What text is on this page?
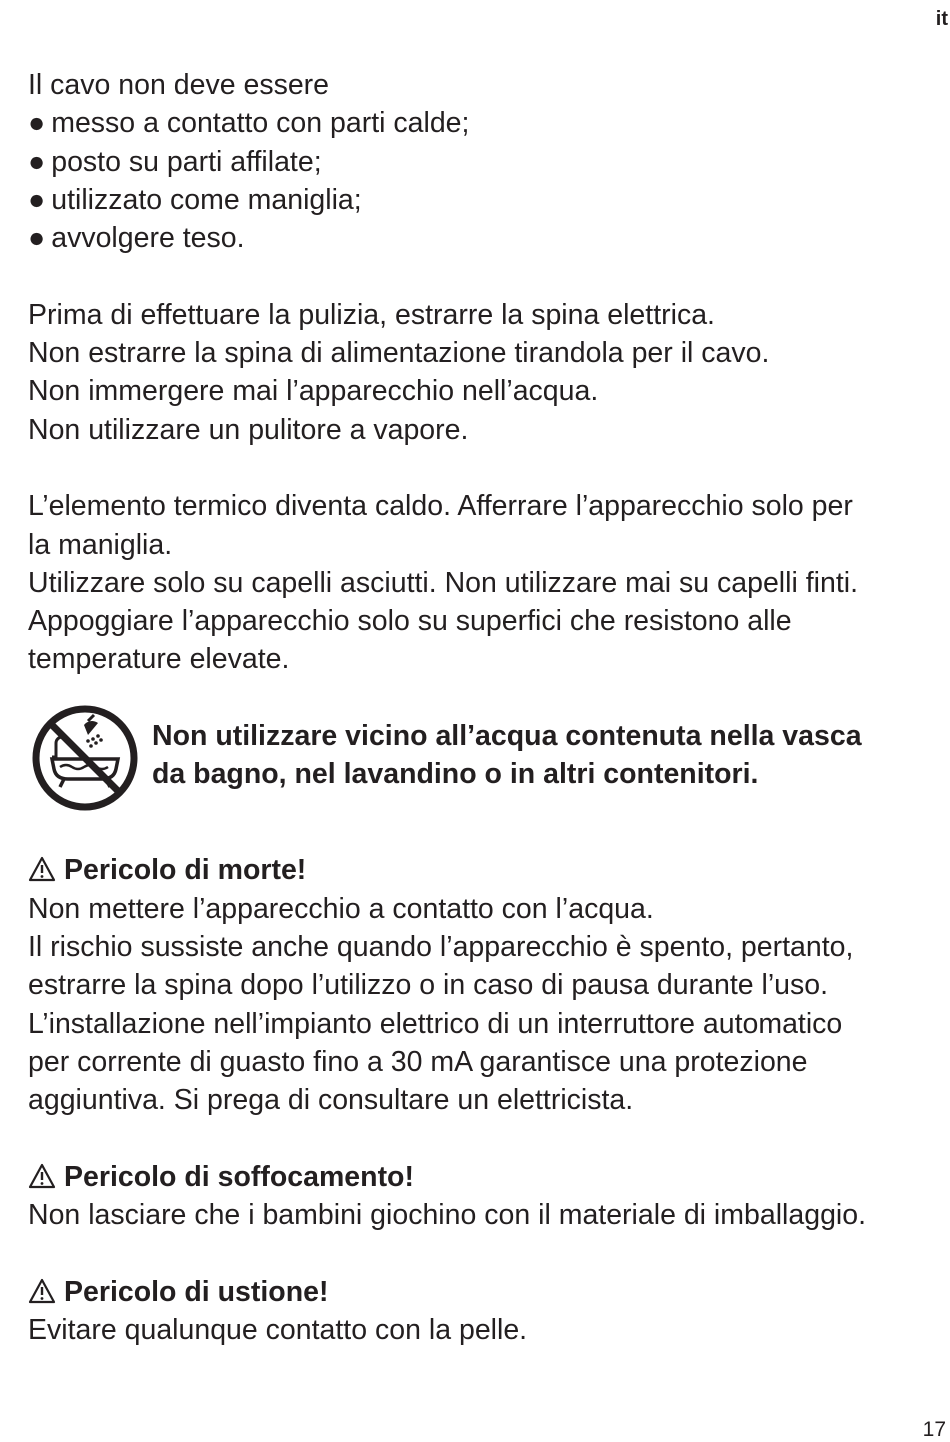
it
Il cavo non deve essere
● messo a contatto con parti calde;
● posto su parti affilate;
● utilizzato come maniglia;
● avvolgere teso.
Prima di effettuare la pulizia, estrarre la spina elettrica.
Non estrarre la spina di alimentazione tirandola per il cavo.
Non immergere mai l’apparecchio nell’acqua.
Non utilizzare un pulitore a vapore.
L’elemento termico diventa caldo. Afferrare l’apparecchio solo per
la maniglia.
Utilizzare solo su capelli asciutti. Non utilizzare mai su capelli finti.
Appoggiare l’apparecchio solo su superfici che resistono alle
temperature elevate.
Non utilizzare vicino all’acqua contenuta nella vasca
da bagno, nel lavandino o in altri contenitori.
Pericolo di morte!
Non mettere l’apparecchio a contatto con l’acqua.
Il rischio sussiste anche quando l’apparecchio è spento, pertanto,
estrarre la spina dopo l’utilizzo o in caso di pausa durante l’uso.
L’installazione nell’impianto elettrico di un interruttore automatico
per corrente di guasto fino a 30 mA garantisce una protezione
aggiuntiva. Si prega di consultare un elettricista.
Pericolo di soffocamento!
Non lasciare che i bambini giochino con il materiale di imballaggio.
Pericolo di ustione!
Evitare qualunque contatto con la pelle.
17
